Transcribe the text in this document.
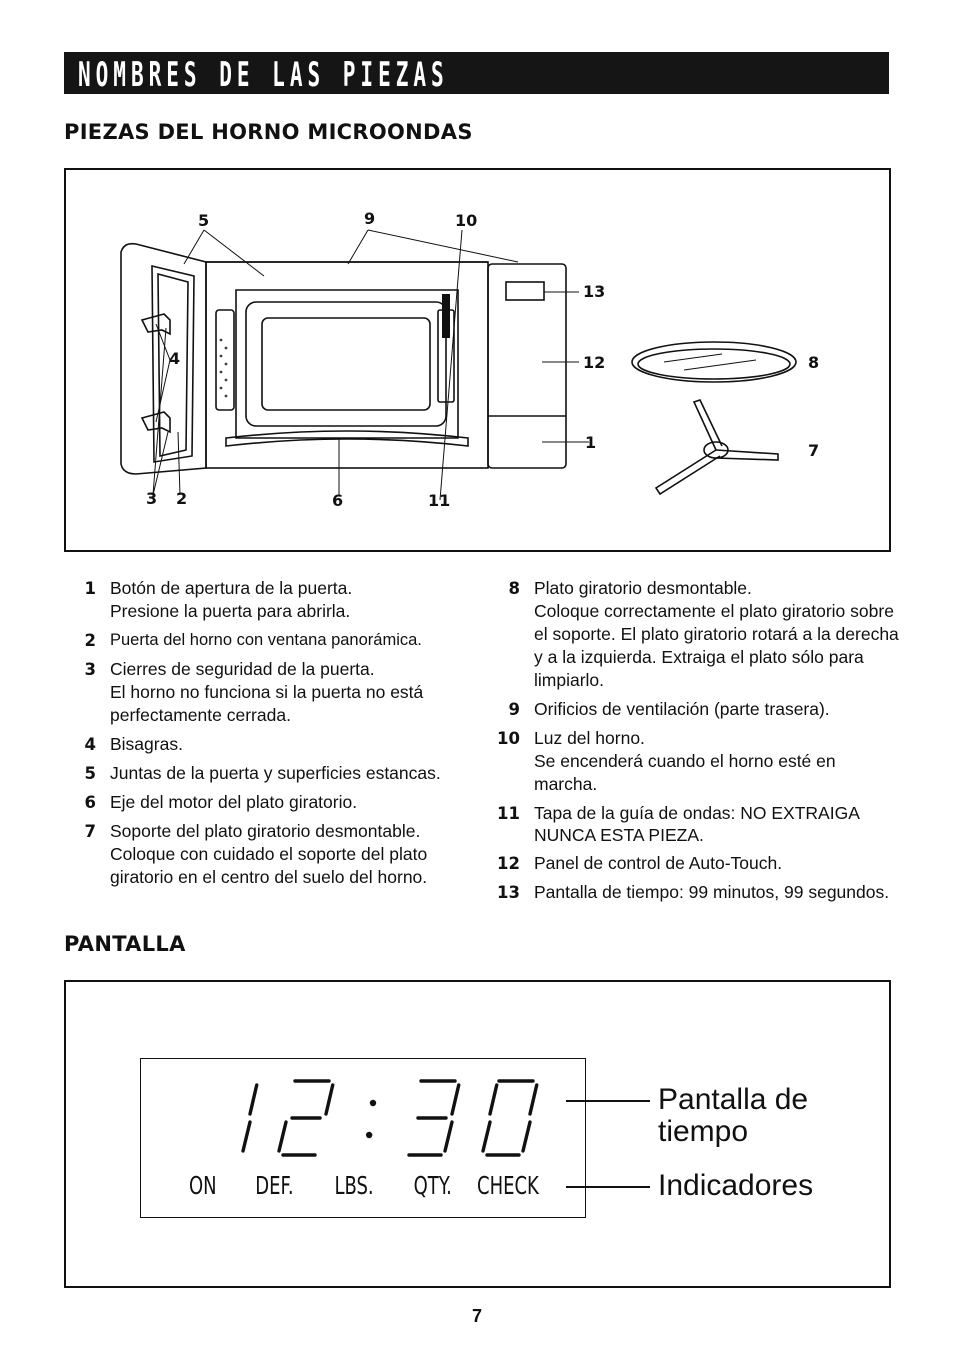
NOMBRES DE LAS PIEZAS
PIEZAS DEL HORNO MICROONDAS
5	9	10
13
12
1
8
7
4
3 2	6	11
1 Botón de apertura de la puerta.
Presione la puerta para abrirla.
2 Puerta del horno con ventana panorámica.
3 Cierres de seguridad de la puerta.
El horno no funciona si la puerta no está perfectamente cerrada.
4 Bisagras.
5 Juntas de la puerta y superficies estancas.
6 Eje del motor del plato giratorio.
7 Soporte del plato giratorio desmontable.
Coloque con cuidado el soporte del plato giratorio en el centro del suelo del horno.
8 Plato giratorio desmontable.
Coloque correctamente el plato giratorio sobre el soporte. El plato giratorio rotará a la derecha y a la izquierda. Extraiga el plato sólo para limpiarlo.
9 Orificios de ventilación (parte trasera).
10 Luz del horno.
Se encenderá cuando el horno esté en marcha.
11 Tapa de la guía de ondas: NO EXTRAIGA NUNCA ESTA PIEZA.
12 Panel de control de Auto-Touch.
13 Pantalla de tiempo: 99 minutos, 99 segundos.
PANTALLA
ON DEF. LBS. QTY. CHECK
Pantalla de tiempo
Indicadores
7
